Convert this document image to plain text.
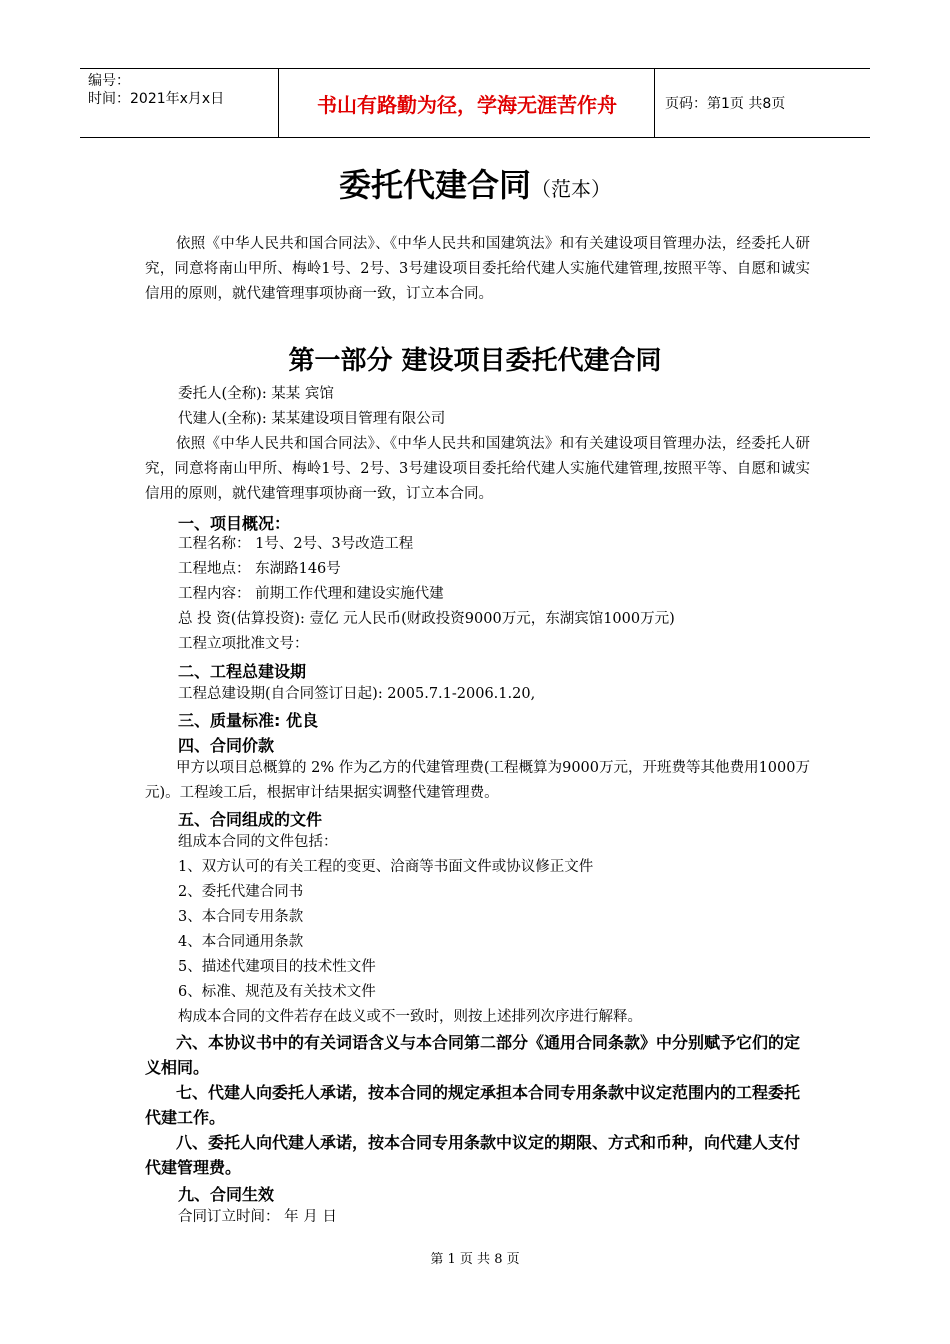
编号：
时间：2021年x月x日	书山有路勤为径，学海无涯苦作舟	页码：第1页 共8页
委托代建合同（范本）

依照《中华人民共和国合同法》、《中华人民共和国建筑法》和有关建设项目管理办法，经委托人研究，同意将南山甲所、梅岭1号、2号、3号建设项目委托给代建人实施代建管理,按照平等、自愿和诚实信用的原则，就代建管理事项协商一致，订立本合同。

第一部分 建设项目委托代建合同
委托人(全称): 某某 宾馆
代建人(全称): 某某建设项目管理有限公司

依照《中华人民共和国合同法》、《中华人民共和国建筑法》和有关建设项目管理办法，经委托人研究，同意将南山甲所、梅岭1号、2号、3号建设项目委托给代建人实施代建管理,按照平等、自愿和诚实信用的原则，就代建管理事项协商一致，订立本合同。

一、项目概况：
工程名称： 1号、2号、3号改造工程
工程地点： 东湖路146号
工程内容： 前期工作代理和建设实施代建
总 投 资(估算投资): 壹亿 元人民币(财政投资9000万元，东湖宾馆1000万元)
工程立项批准文号：
二、工程总建设期
工程总建设期(自合同签订日起): 2005.7.1-2006.1.20,
三、质量标准: 优良
四、合同价款

甲方以项目总概算的 2% 作为乙方的代建管理费(工程概算为9000万元，开班费等其他费用1000万元)。工程竣工后，根据审计结果据实调整代建管理费。

五、合同组成的文件
组成本合同的文件包括：
1、双方认可的有关工程的变更、洽商等书面文件或协议修正文件
2、委托代建合同书
3、本合同专用条款
4、本合同通用条款
5、描述代建项目的技术性文件
6、标准、规范及有关技术文件
构成本合同的文件若存在歧义或不一致时，则按上述排列次序进行解释。

六、本协议书中的有关词语含义与本合同第二部分《通用合同条款》中分别赋予它们的定义相同。

七、代建人向委托人承诺，按本合同的规定承担本合同专用条款中议定范围内的工程委托代建工作。

八、委托人向代建人承诺，按本合同专用条款中议定的期限、方式和币种，向代建人支付代建管理费。

九、合同生效
合同订立时间： 年 月 日
第 1 页 共 8 页
